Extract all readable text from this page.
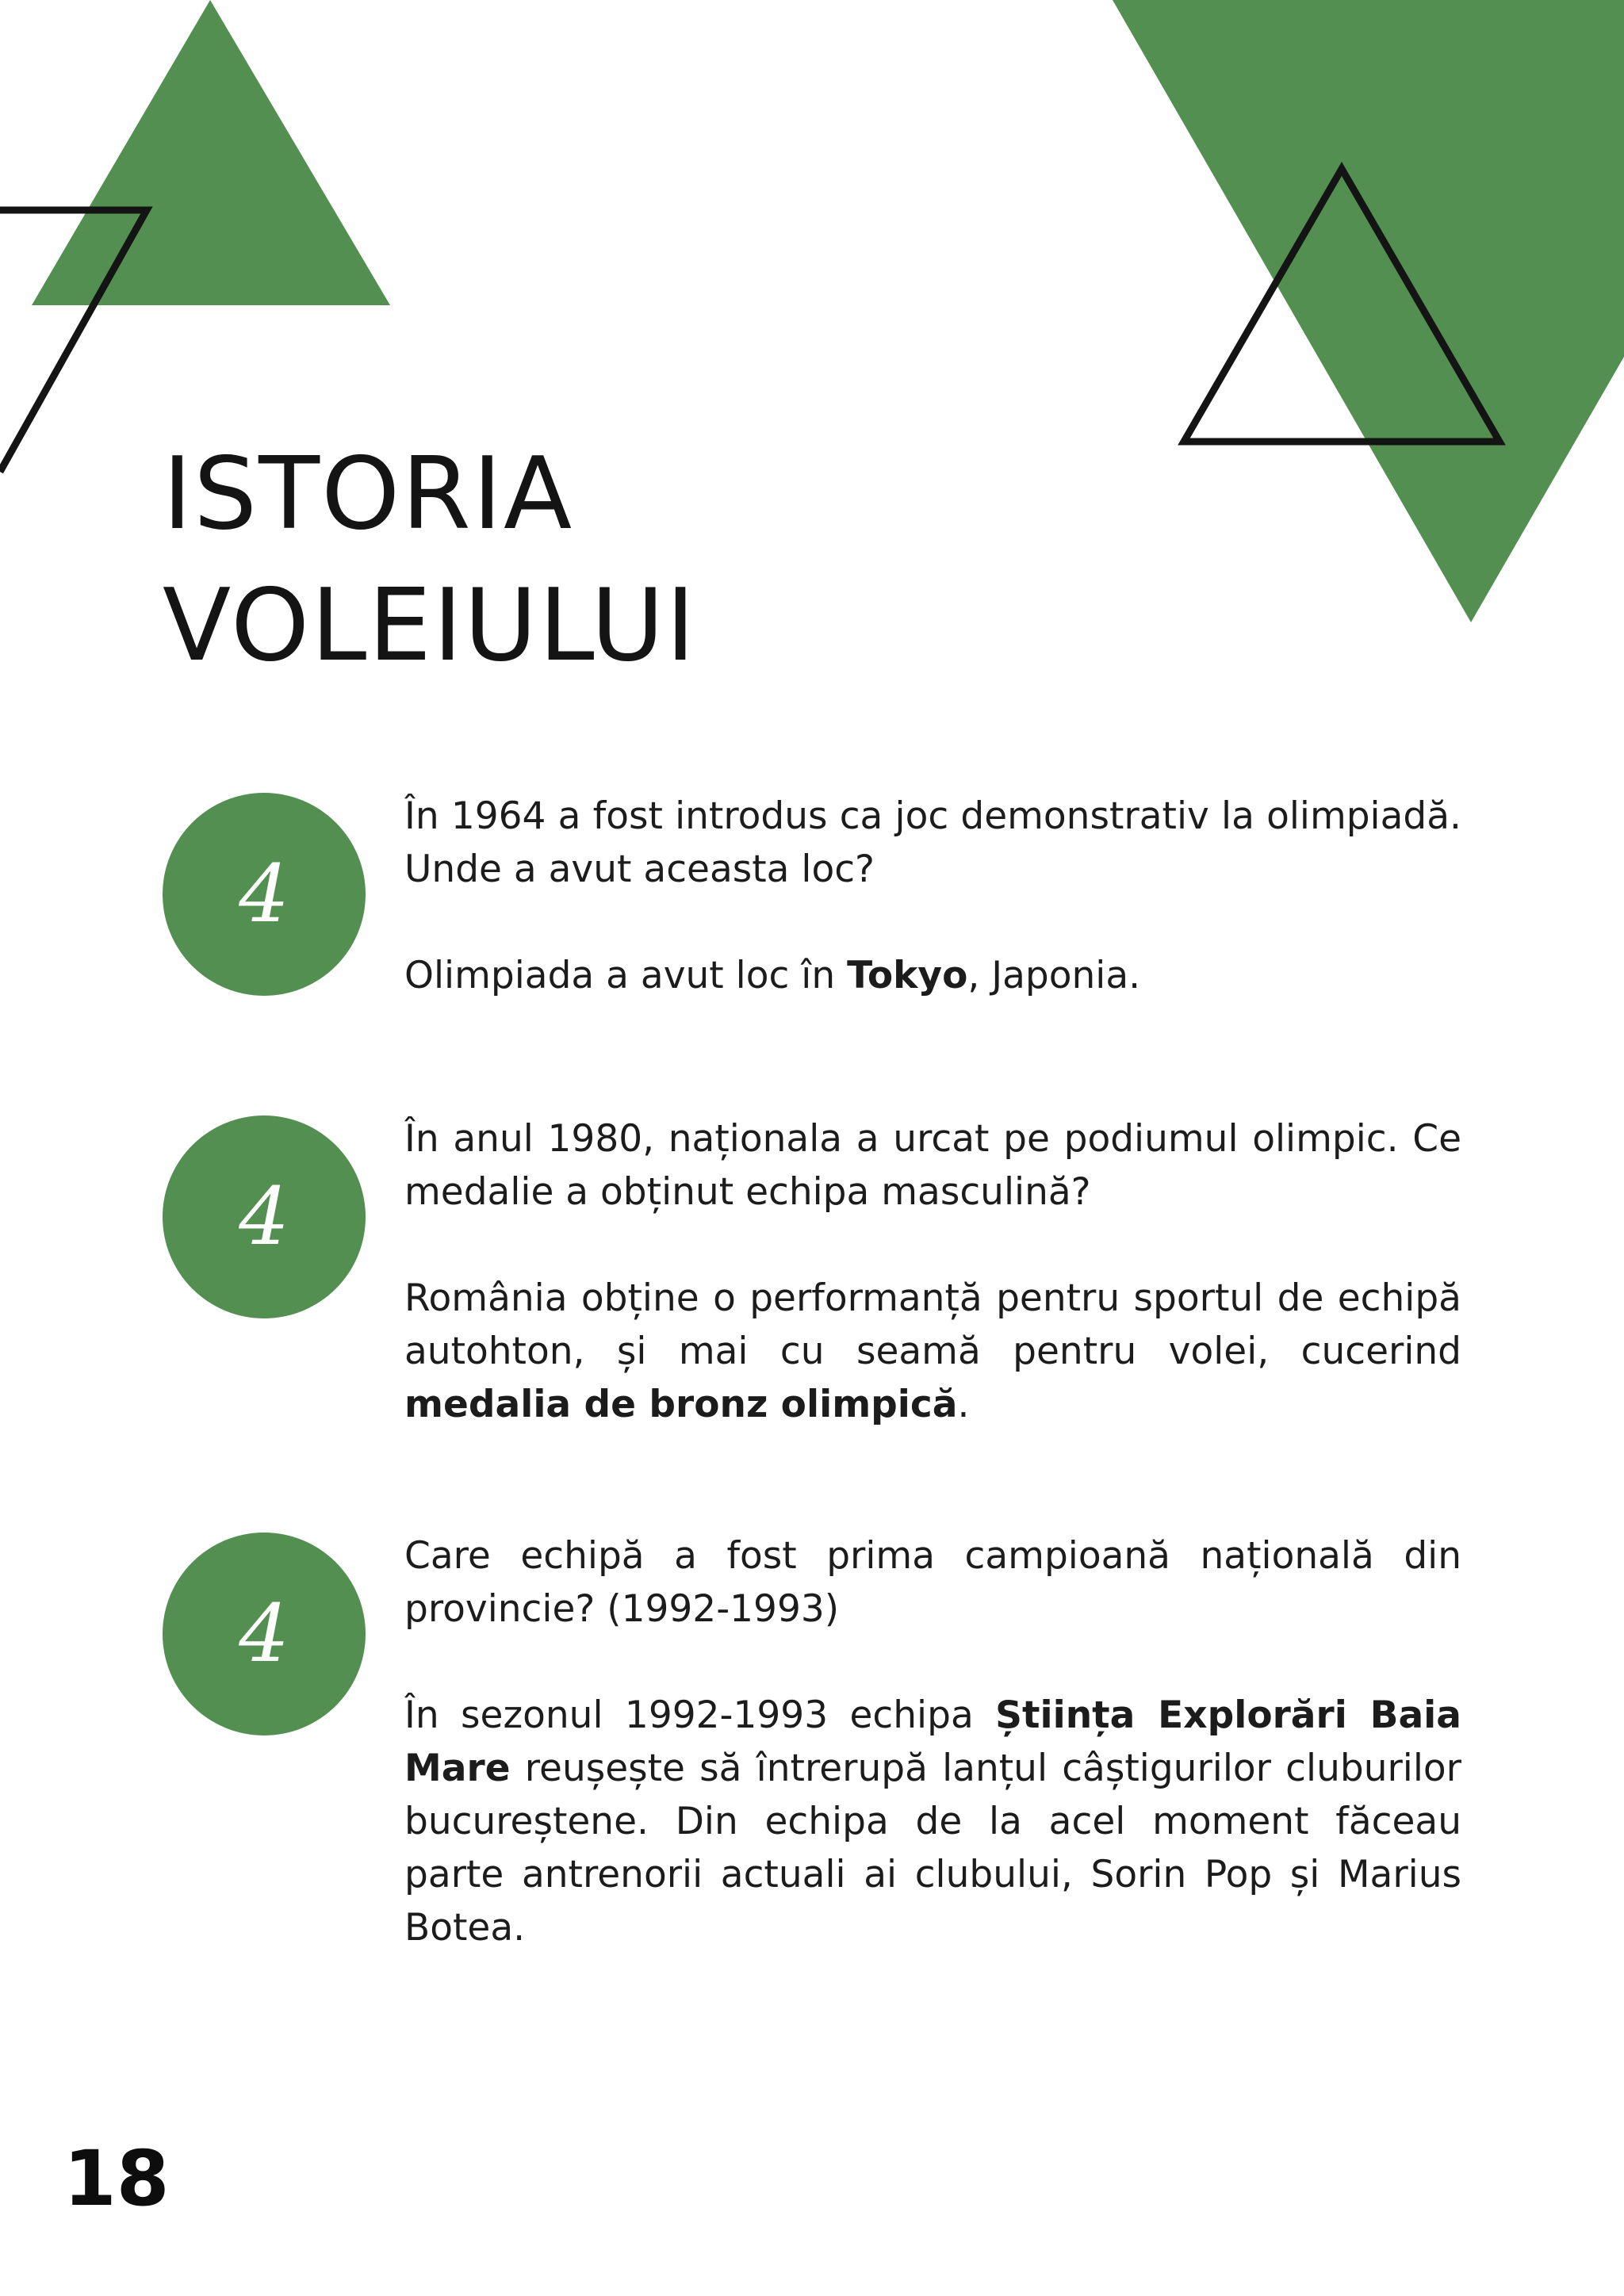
ISTORIA
VOLEIULUI
4

În 1964 a fost introdus ca joc demonstrativ la olimpiadă. Unde a avut aceasta loc?

Olimpiada a avut loc în Tokyo, Japonia.

4

În anul 1980, naționala a urcat pe podiumul olimpic. Ce medalie a obținut echipa masculină?

România obține o performanță pentru sportul de echipă autohton, și mai cu seamă pentru volei, cucerind medalia de bronz olimpică.

4

Care echipă a fost prima campioană națională din provincie? (1992-1993)

În sezonul 1992-1993 echipa Știința Explorări Baia Mare reușește să întrerupă lanțul câștigurilor cluburilor bucureștene. Din echipa de la acel moment făceau parte antrenorii actuali ai clubului, Sorin Pop și Marius Botea.

18
